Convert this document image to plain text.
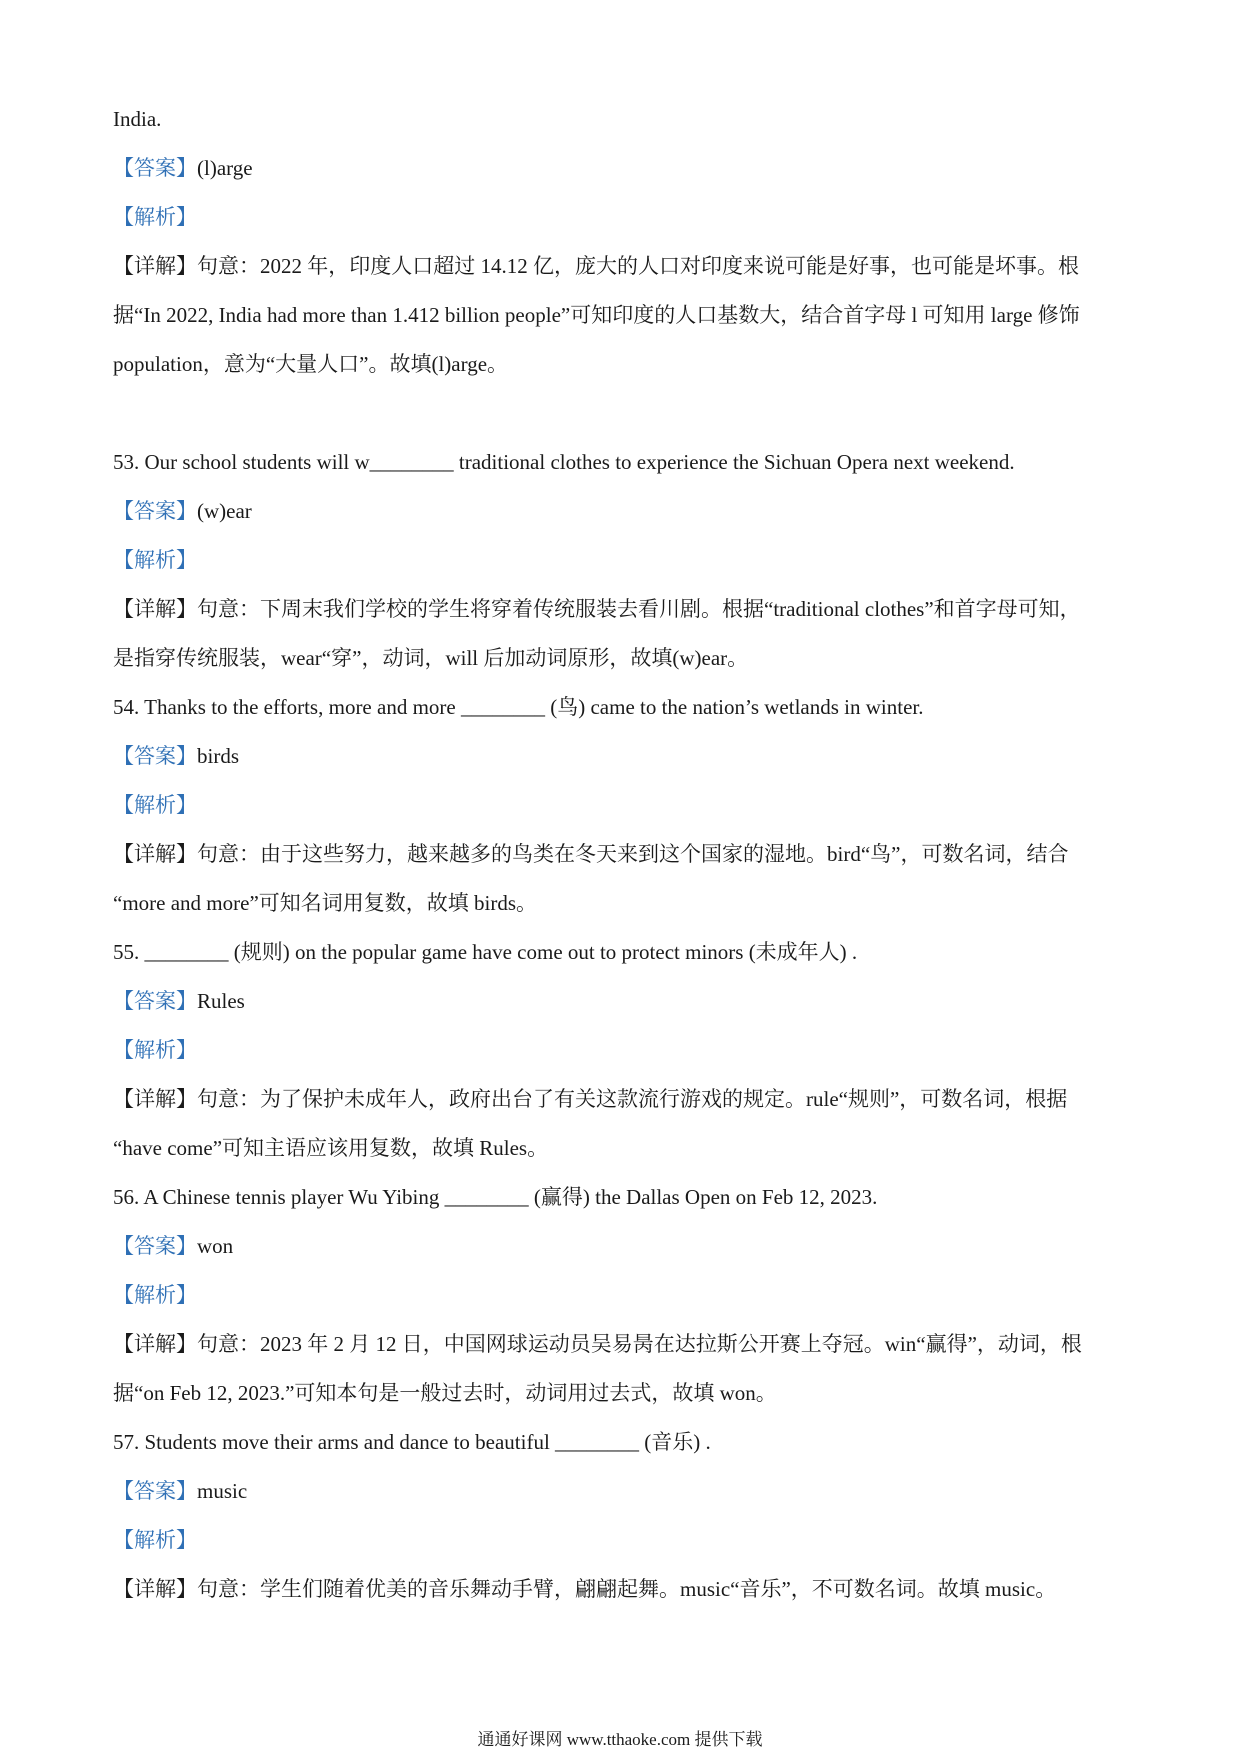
India.
【答案】(l)arge
【解析】
【详解】句意：2022 年，印度人口超过 14.12 亿，庞大的人口对印度来说可能是好事，也可能是坏事。根
据“In 2022, India had more than 1.412 billion people”可知印度的人口基数大，结合首字母 l 可知用 large 修饰
population，意为“大量人口”。故填(l)arge。
53. Our school students will w________ traditional clothes to experience the Sichuan Opera next weekend.
【答案】(w)ear
【解析】
【详解】句意：下周末我们学校的学生将穿着传统服装去看川剧。根据“traditional clothes”和首字母可知，
是指穿传统服装，wear“穿”，动词，will 后加动词原形，故填(w)ear。
54. Thanks to the efforts, more and more ________ (鸟) came to the nation’s wetlands in winter.
【答案】birds
【解析】
【详解】句意：由于这些努力，越来越多的鸟类在冬天来到这个国家的湿地。bird“鸟”，可数名词，结合
“more and more”可知名词用复数，故填 birds。
55. ________ (规则) on the popular game have come out to protect minors (未成年人) .
【答案】Rules
【解析】
【详解】句意：为了保护未成年人，政府出台了有关这款流行游戏的规定。rule“规则”，可数名词，根据
“have come”可知主语应该用复数，故填 Rules。
56. A Chinese tennis player Wu Yibing ________ (赢得) the Dallas Open on Feb 12, 2023.
【答案】won
【解析】
【详解】句意：2023 年 2 月 12 日，中国网球运动员吴易昺在达拉斯公开赛上夺冠。win“赢得”，动词，根
据“on Feb 12, 2023.”可知本句是一般过去时，动词用过去式，故填 won。
57. Students move their arms and dance to beautiful ________ (音乐) .
【答案】music
【解析】
【详解】句意：学生们随着优美的音乐舞动手臂，翩翩起舞。music“音乐”，不可数名词。故填 music。
通通好课网 www.tthaoke.com 提供下载
